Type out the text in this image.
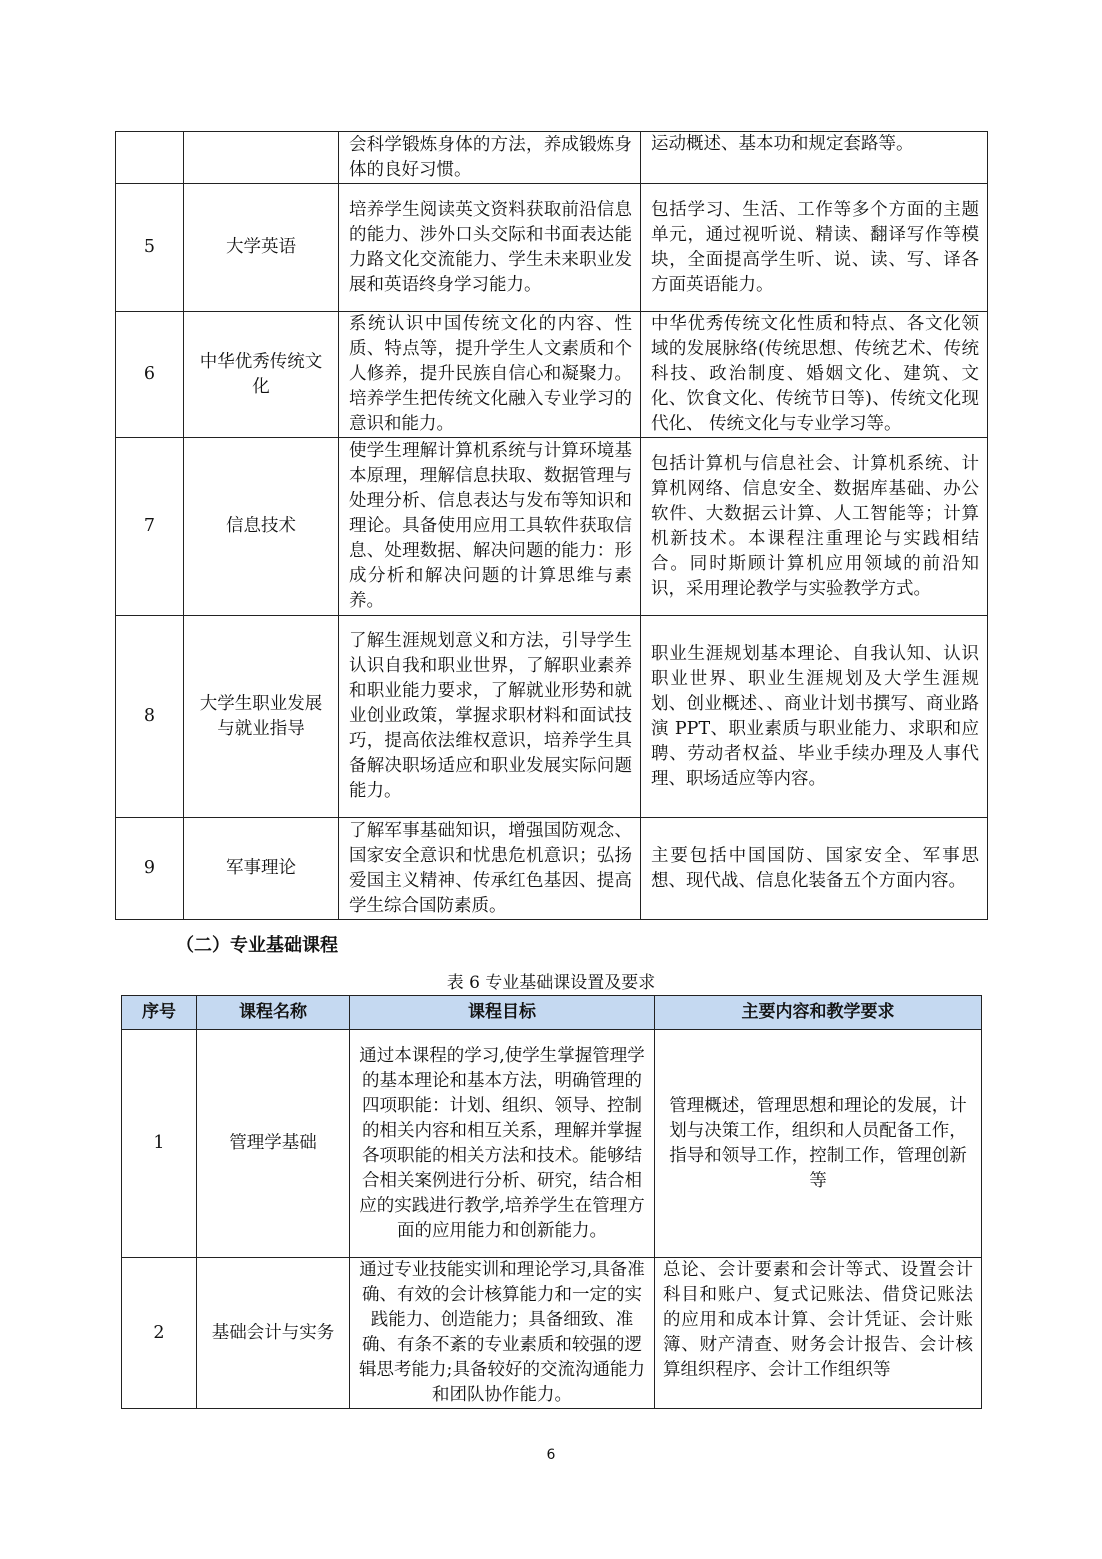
		会科学锻炼身体的方法，养成锻炼身体的良好习惯。	运动概述、基本功和规定套路等。
5	大学英语	培养学生阅读英文资料获取前沿信息的能力、涉外口头交际和书面表达能力路文化交流能力、学生未来职业发展和英语终身学习能力。	包括学习、生活、工作等多个方面的主题单元，通过视听说、精读、翻译写作等模块，全面提高学生听、说、读、写、译各方面英语能力。
6	中华优秀传统文化	系统认识中国传统文化的内容、性质、特点等，提升学生人文素质和个人修养，提升民族自信心和凝聚力。培养学生把传统文化融入专业学习的意识和能力。	中华优秀传统文化性质和特点、各文化领域的发展脉络(传统思想、传统艺术、传统科技、政治制度、婚姻文化、建筑、文化、饮食文化、传统节日等)、传统文化现代化、 传统文化与专业学习等。
7	信息技术	使学生理解计算机系统与计算环境基本原理，理解信息扶取、数据管理与处理分析、信息表达与发布等知识和理论。具备使用应用工具软件获取信息、处理数据、解决问题的能力：形成分析和解决问题的计算思维与素养。	包括计算机与信息社会、计算机系统、计算机网络、信息安全、数据库基础、办公软件、大数据云计算、人工智能等；计算机新技术。本课程注重理论与实践相结合。同时斯顾计算机应用领域的前沿知识，采用理论教学与实验教学方式。
8	大学生职业发展与就业指导	了解生涯规划意义和方法，引导学生认识自我和职业世界，了解职业素养和职业能力要求，了解就业形势和就业创业政策，掌握求职材料和面试技巧，提高依法维权意识，培养学生具备解决职场适应和职业发展实际问题能力。	职业生涯规划基本理论、自我认知、认识职业世界、职业生涯规划及大学生涯规划、创业概述、、商业计划书撰写、商业路演 PPT、职业素质与职业能力、求职和应聘、劳动者权益、毕业手续办理及人事代理、职场适应等内容。
9	军事理论	了解军事基础知识，增强国防观念、国家安全意识和忧患危机意识；弘扬爱国主义精神、传承红色基因、提高学生综合国防素质。	主要包括中国国防、国家安全、军事思想、现代战、信息化装备五个方面内容。
（二）专业基础课程
表 6 专业基础课设置及要求
序号	课程名称	课程目标	主要内容和教学要求
1	管理学基础	通过本课程的学习,使学生掌握管理学的基本理论和基本方法，明确管理的四项职能：计划、组织、领导、控制的相关内容和相互关系，理解并掌握各项职能的相关方法和技术。能够结合相关案例进行分析、研究，结合相应的实践进行教学,培养学生在管理方面的应用能力和创新能力。	管理概述，管理思想和理论的发展，计划与决策工作，组织和人员配备工作，指导和领导工作，控制工作，管理创新等
2	基础会计与实务	通过专业技能实训和理论学习,具备准确、有效的会计核算能力和一定的实践能力、创造能力；具备细致、准确、有条不紊的专业素质和较强的逻辑思考能力;具备较好的交流沟通能力和团队协作能力。	总论、会计要素和会计等式、设置会计科目和账户、复式记账法、借贷记账法的应用和成本计算、会计凭证、会计账簿、财产清查、财务会计报告、会计核算组织程序、会计工作组织等
6
